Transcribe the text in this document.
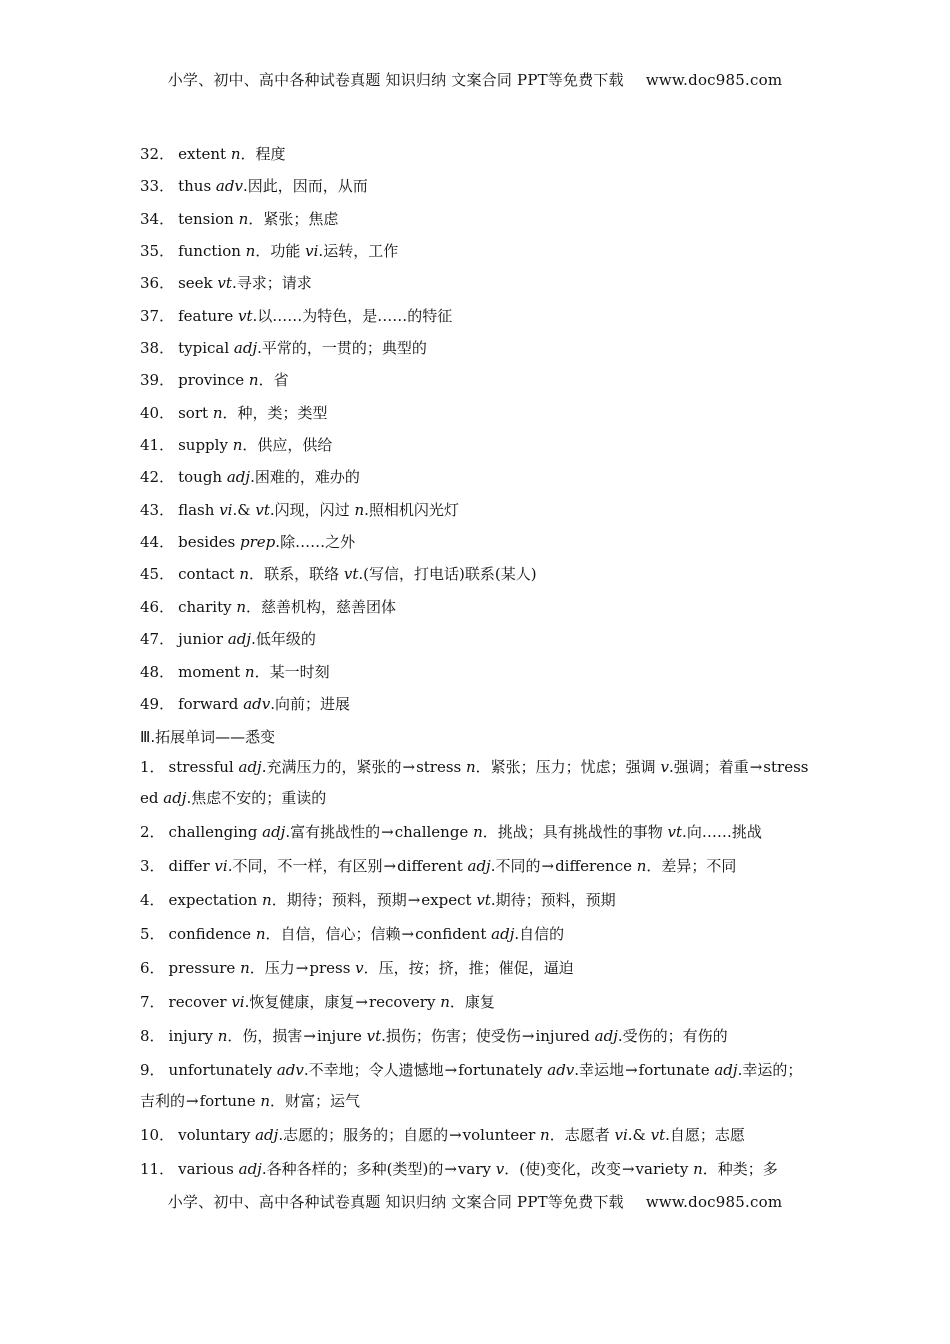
小学、初中、高中各种试卷真题 知识归纳 文案合同 PPT等免费下载 www.doc985.com
32． extent n．程度
33． thus adv.因此，因而，从而
34． tension n．紧张；焦虑
35． function n．功能 vi.运转，工作
36． seek vt.寻求；请求
37． feature vt.以……为特色，是……的特征
38． typical adj.平常的，一贯的；典型的
39． province n．省
40． sort n．种，类；类型
41． supply n．供应，供给
42． tough adj.困难的，难办的
43． flash vi.& vt.闪现，闪过 n.照相机闪光灯
44． besides prep.除……之外
45． contact n．联系，联络 vt.(写信，打电话)联系(某人)
46． charity n．慈善机构，慈善团体
47． junior adj.低年级的
48． moment n．某一时刻
49． forward adv.向前；进展
Ⅲ.拓展单词——悉变
1． stressful adj.充满压力的，紧张的→stress n．紧张；压力；忧虑；强调 v.强调；着重→stressed adj.焦虑不安的；重读的
2． challenging adj.富有挑战性的→challenge n．挑战；具有挑战性的事物 vt.向……挑战
3． differ vi.不同，不一样，有区别→different adj.不同的→difference n．差异；不同
4． expectation n．期待；预料，预期→expect vt.期待；预料，预期
5． confidence n．自信，信心；信赖→confident adj.自信的
6． pressure n．压力→press v．压，按；挤，推；催促，逼迫
7． recover vi.恢复健康，康复→recovery n．康复
8． injury n．伤，损害→injure vt.损伤；伤害；使受伤→injured adj.受伤的；有伤的
9． unfortunately adv.不幸地；令人遗憾地→fortunately adv.幸运地→fortunate adj.幸运的；吉利的→fortune n．财富；运气
10． voluntary adj.志愿的；服务的；自愿的→volunteer n．志愿者 vi.& vt.自愿；志愿
11． various adj.各种各样的；多种(类型)的→vary v．(使)变化，改变→variety n．种类；多
小学、初中、高中各种试卷真题 知识归纳 文案合同 PPT等免费下载 www.doc985.com
